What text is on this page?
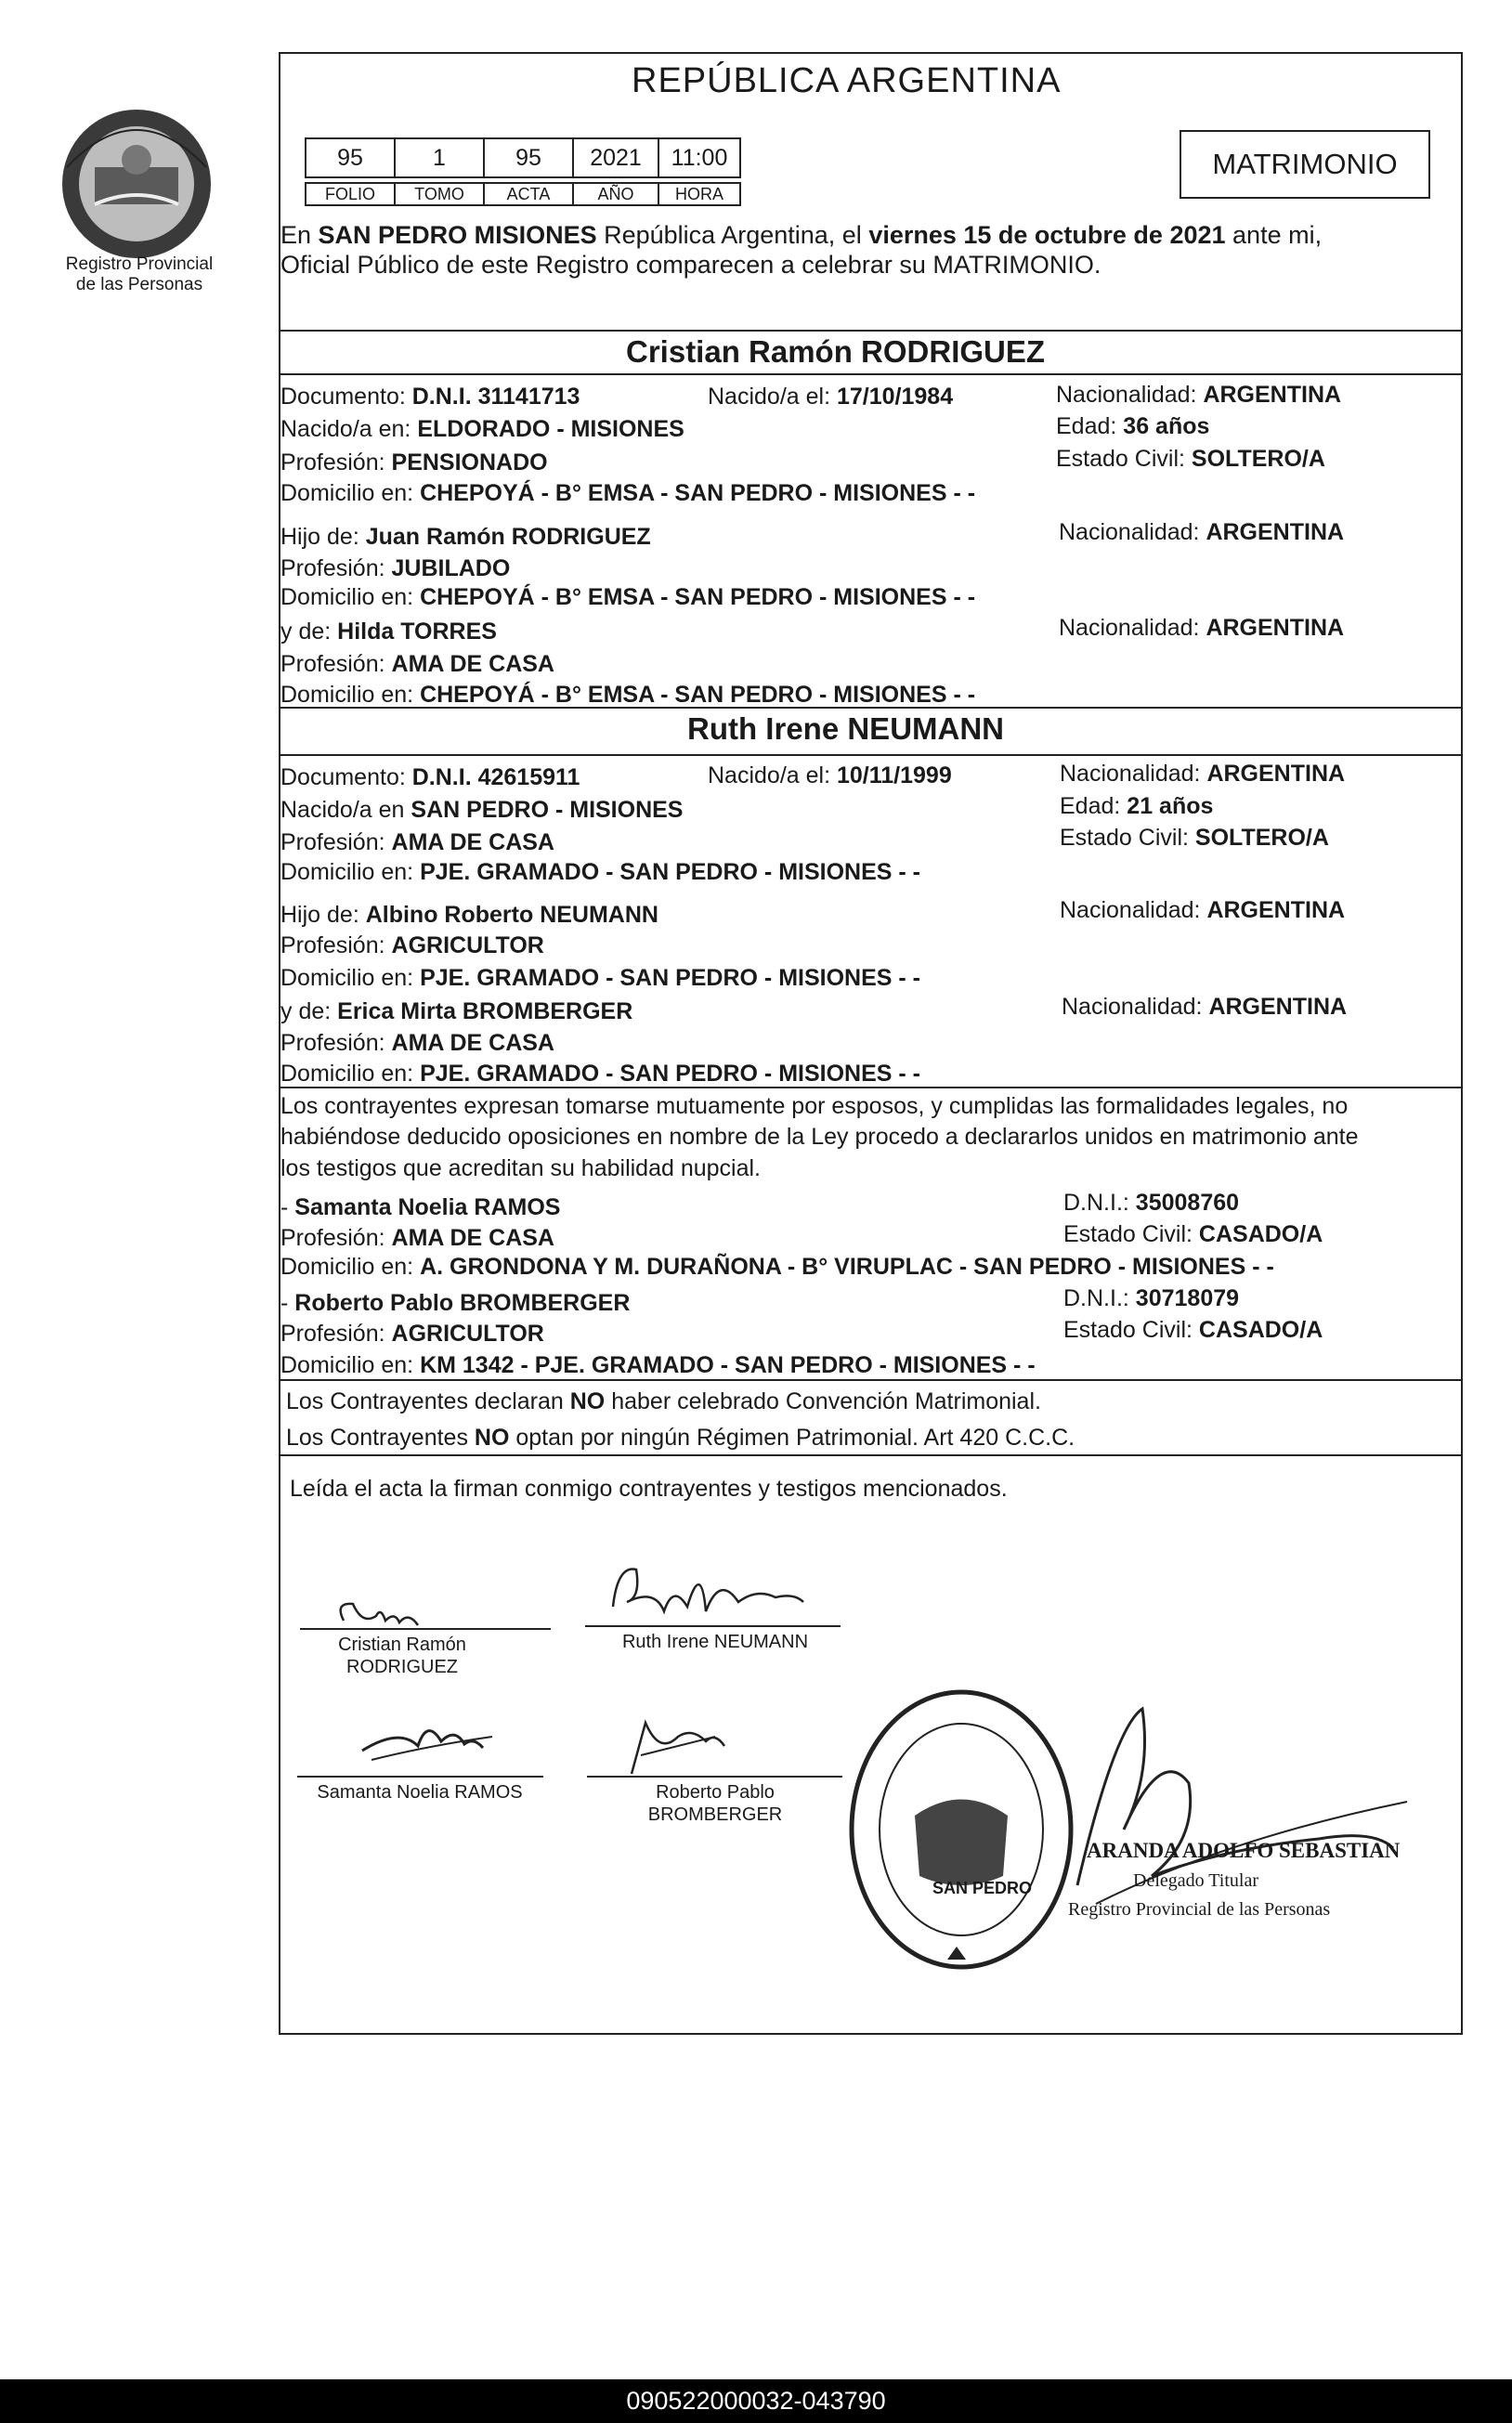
Registro Provincial
de las Personas
REPÚBLICA ARGENTINA
95	1	95	2021	11:00
FOLIO	TOMO	ACTA	AÑO	HORA
MATRIMONIO
En SAN PEDRO MISIONES República Argentina, el viernes 15 de octubre de 2021 ante mi,
Oficial Público de este Registro comparecen a celebrar su MATRIMONIO.
Cristian Ramón RODRIGUEZ
Documento: D.N.I. 31141713	Nacido/a el: 17/10/1984	Nacionalidad: ARGENTINA
Nacido/a en: ELDORADO - MISIONES	Edad: 36 años
Profesión: PENSIONADO	Estado Civil: SOLTERO/A
Domicilio en: CHEPOYÁ - B° EMSA - SAN PEDRO - MISIONES - -
Hijo de: Juan Ramón RODRIGUEZ	Nacionalidad: ARGENTINA
Profesión: JUBILADO
Domicilio en: CHEPOYÁ - B° EMSA - SAN PEDRO - MISIONES - -
y de: Hilda TORRES	Nacionalidad: ARGENTINA
Profesión: AMA DE CASA
Domicilio en: CHEPOYÁ - B° EMSA - SAN PEDRO - MISIONES - -
Ruth Irene NEUMANN
Documento: D.N.I. 42615911	Nacido/a el: 10/11/1999	Nacionalidad: ARGENTINA
Nacido/a en SAN PEDRO - MISIONES	Edad: 21 años
Profesión: AMA DE CASA	Estado Civil: SOLTERO/A
Domicilio en: PJE. GRAMADO - SAN PEDRO - MISIONES - -
Hijo de: Albino Roberto NEUMANN	Nacionalidad: ARGENTINA
Profesión: AGRICULTOR
Domicilio en: PJE. GRAMADO - SAN PEDRO - MISIONES - -
y de: Erica Mirta BROMBERGER	Nacionalidad: ARGENTINA
Profesión: AMA DE CASA
Domicilio en: PJE. GRAMADO - SAN PEDRO - MISIONES - -
Los contrayentes expresan tomarse mutuamente por esposos, y cumplidas las formalidades legales, no
habiéndose deducido oposiciones en nombre de la Ley procedo a declararlos unidos en matrimonio ante
los testigos que acreditan su habilidad nupcial.
- Samanta Noelia RAMOS	D.N.I.: 35008760
Profesión: AMA DE CASA	Estado Civil: CASADO/A
Domicilio en: A. GRONDONA Y M. DURAÑONA - B° VIRUPLAC - SAN PEDRO - MISIONES - -
- Roberto Pablo BROMBERGER	D.N.I.: 30718079
Profesión: AGRICULTOR	Estado Civil: CASADO/A
Domicilio en: KM 1342 - PJE. GRAMADO - SAN PEDRO - MISIONES - -
Los Contrayentes declaran NO haber celebrado Convención Matrimonial.
Los Contrayentes NO optan por ningún Régimen Patrimonial. Art 420 C.C.C.
Leída el acta la firman conmigo contrayentes y testigos mencionados.
Cristian Ramón
RODRIGUEZ
Ruth Irene NEUMANN
Samanta Noelia RAMOS	Roberto Pablo
BROMBERGER
SAN PEDRO
ARANDA ADOLFO SEBASTIAN
Delegado Titular
Registro Provincial de las Personas
090522000032-043790
